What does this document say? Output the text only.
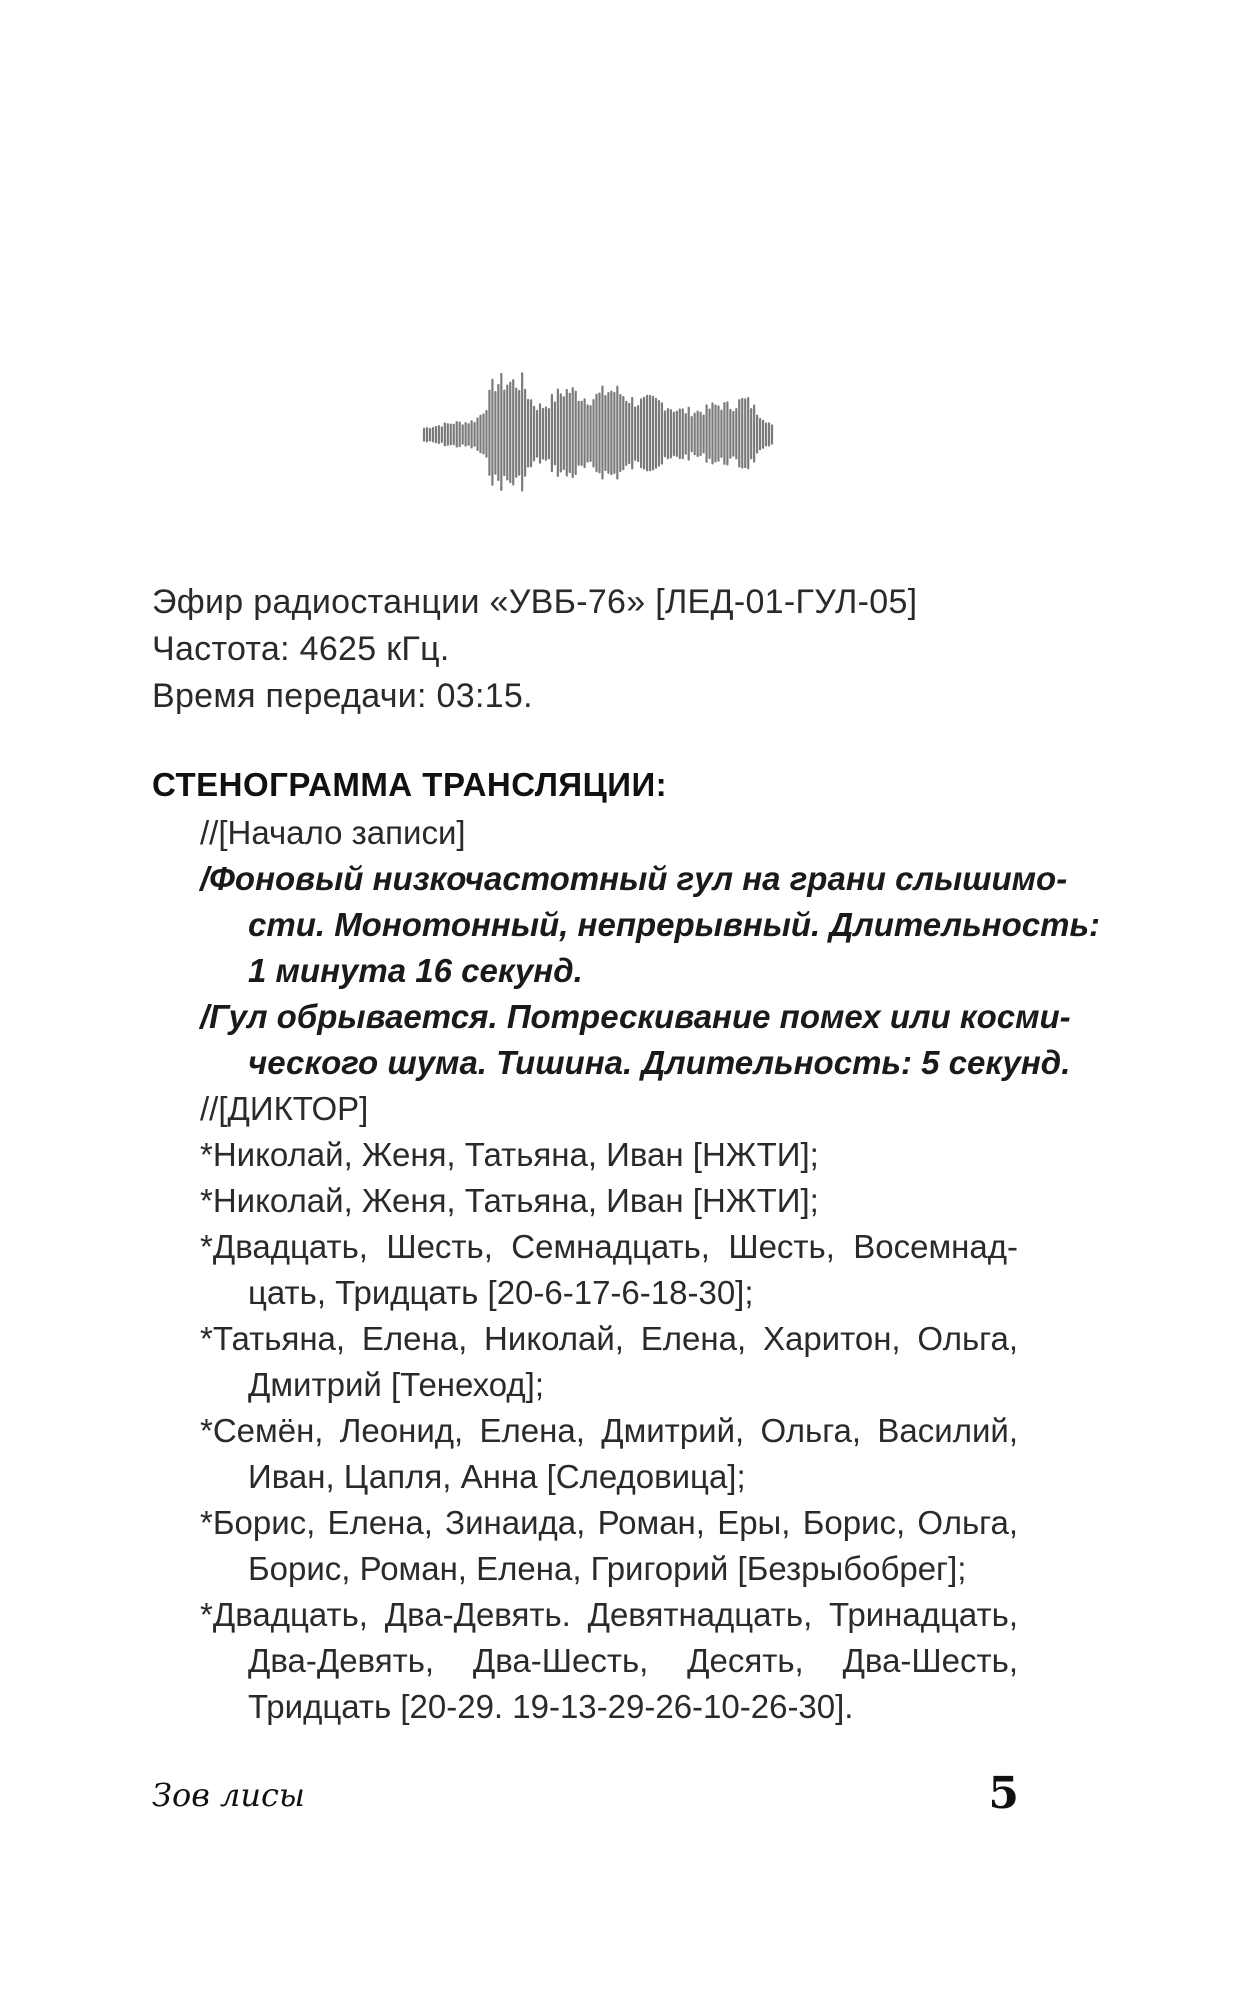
Эфир радиостанции «УВБ-76» [ЛЕД-01-ГУЛ-05]
Частота: 4625 кГц.
Время передачи: 03:15.
СТЕНОГРАММА ТРАНСЛЯЦИИ:
//[Начало записи]
/Фоновый низкочастотный гул на грани слышимо-
сти. Монотонный, непрерывный. Длительность:
1 минута 16 секунд.
/Гул обрывается. Потрескивание помех или косми-
ческого шума. Тишина. Длительность: 5 секунд.
//[ДИКТОР]
*Николай, Женя, Татьяна, Иван [НЖТИ];
*Николай, Женя, Татьяна, Иван [НЖТИ];
*Двадцать, Шесть, Семнадцать, Шесть, Восемнад-
цать, Тридцать [20-6-17-6-18-30];
*Татьяна, Елена, Николай, Елена, Харитон, Ольга,
Дмитрий [Тенеход];
*Семён, Леонид, Елена, Дмитрий, Ольга, Василий,
Иван, Цапля, Анна [Следовица];
*Борис, Елена, Зинаида, Роман, Еры, Борис, Ольга,
Борис, Роман, Елена, Григорий [Безрыбобрег];
*Двадцать, Два-Девять. Девятнадцать, Тринадцать,
Два-Девять, Два-Шесть, Десять, Два-Шесть,
Тридцать [20-29. 19-13-29-26-10-26-30].
Зов лисы	5
